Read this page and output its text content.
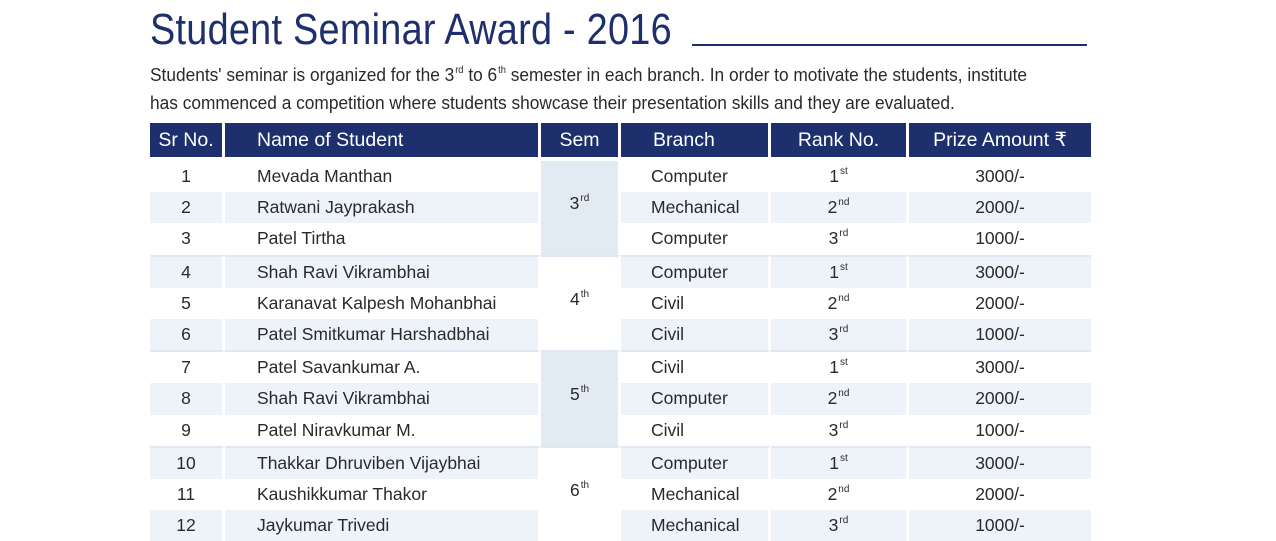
Student Seminar Award - 2016

Students' seminar is organized for the 3rd to 6th semester in each branch. In order to motivate the students, institute

has commenced a competition where students showcase their presentation skills and they are evaluated.

Sr No.	Name of Student	Sem	Branch	Rank No.	Prize Amount ₹

1	Mevada Manthan	3rd	Computer	1st	3000/-
2	Ratwani Jayprakash		Mechanical	2nd	2000/-
3	Patel Tirtha		Computer	3rd	1000/-
4	Shah Ravi Vikrambhai	4th	Computer	1st	3000/-
5	Karanavat Kalpesh Mohanbhai		Civil	2nd	2000/-
6	Patel Smitkumar Harshadbhai		Civil	3rd	1000/-
7	Patel Savankumar A.	5th	Civil	1st	3000/-
8	Shah Ravi Vikrambhai		Computer	2nd	2000/-
9	Patel Niravkumar M.		Civil	3rd	1000/-
10	Thakkar Dhruviben Vijaybhai	6th	Computer	1st	3000/-
11	Kaushikkumar Thakor		Mechanical	2nd	2000/-
12	Jaykumar Trivedi		Mechanical	3rd	1000/-
